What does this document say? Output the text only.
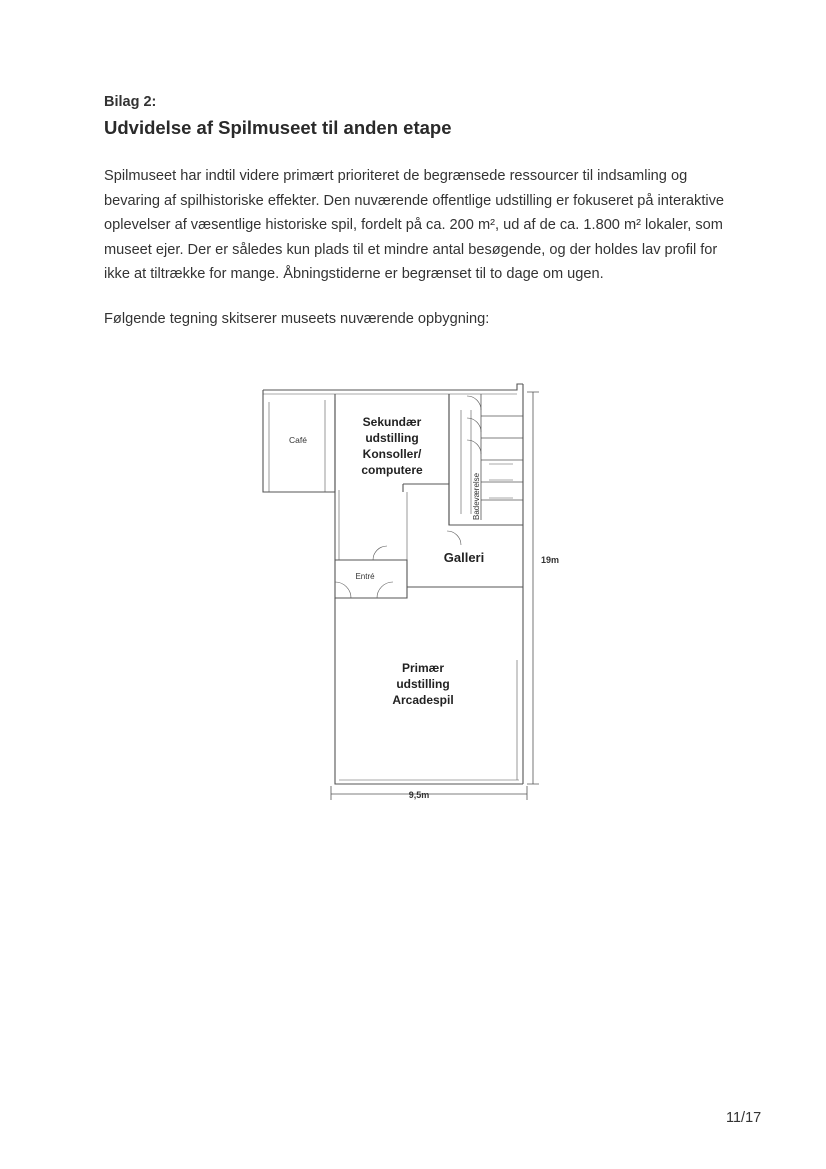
Bilag 2:
Udvidelse af Spilmuseet til anden etape
Spilmuseet har indtil videre primært prioriteret de begrænsede ressourcer til indsamling og
bevaring af spilhistoriske effekter. Den nuværende offentlige udstilling er fokuseret på interaktive
oplevelser af væsentlige historiske spil, fordelt på ca. 200 m², ud af de ca. 1.800 m² lokaler, som
museet ejer. Der er således kun plads til et mindre antal besøgende, og der holdes lav profil for
ikke at tiltrække for mange. Åbningstiderne er begrænset til to dage om ugen.
Følgende tegning skitserer museets nuværende opbygning:
Café
Sekundær
udstilling
Konsoller/
computere
Badeværelse
Galleri
Entré
Primær
udstilling
Arcadespil
19m
9,5m
11/17
